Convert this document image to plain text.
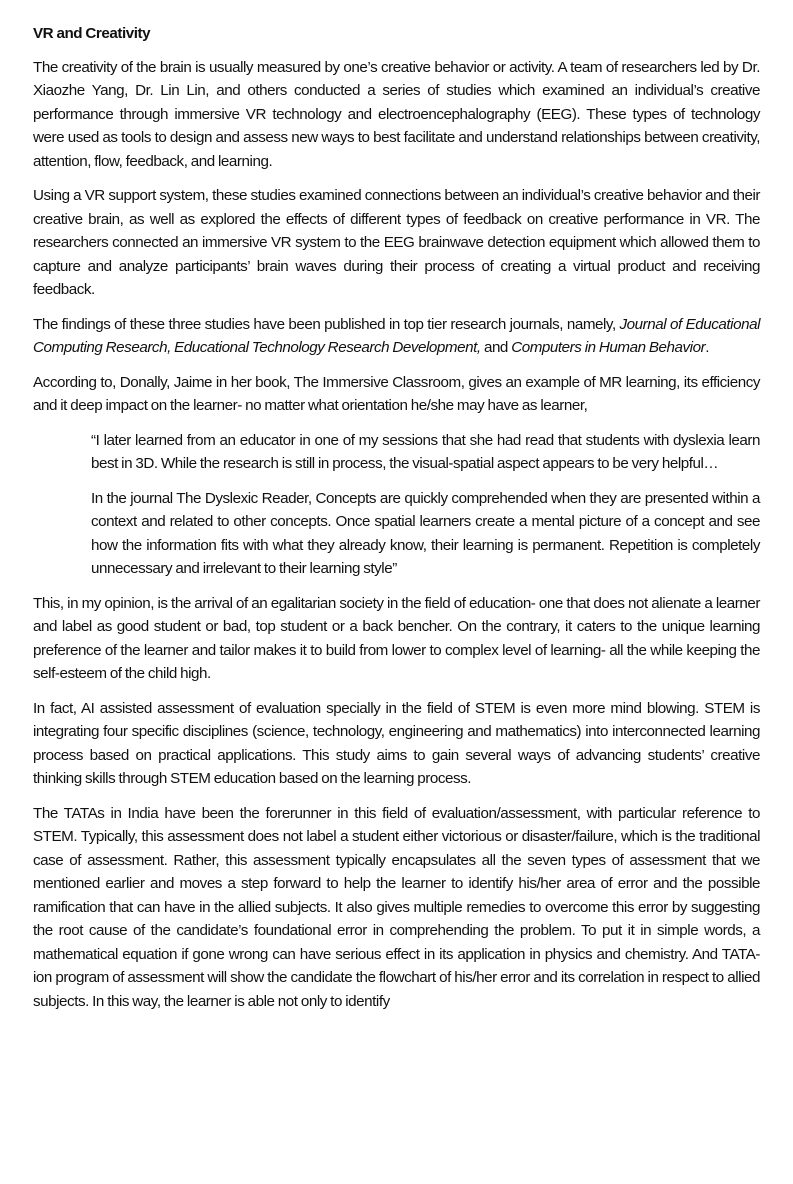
VR and Creativity

The creativity of the brain is usually measured by one’s creative behavior or activity. A team of researchers led by Dr. Xiaozhe Yang, Dr. Lin Lin, and others conducted a series of studies which examined an individual’s creative performance through immersive VR technology and electroencephalography (EEG). These types of technology were used as tools to design and assess new ways to best facilitate and understand relationships between creativity, attention, flow, feedback, and learning.

Using a VR support system, these studies examined connections between an individual’s creative behavior and their creative brain, as well as explored the effects of different types of feedback on creative performance in VR. The researchers connected an immersive VR system to the EEG brainwave detection equipment which allowed them to capture and analyze participants’ brain waves during their process of creating a virtual product and receiving feedback.

The findings of these three studies have been published in top tier research journals, namely, Journal of Educational Computing Research, Educational Technology Research Development, and Computers in Human Behavior.

According to, Donally, Jaime in her book, The Immersive Classroom, gives an example of MR learning, its efficiency and it deep impact on the learner- no matter what orientation he/she may have as learner,

“I later learned from an educator in one of my sessions that she had read that students with dyslexia learn best in 3D. While the research is still in process, the visual-spatial aspect appears to be very helpful…

In the journal The Dyslexic Reader, Concepts are quickly comprehended when they are presented within a context and related to other concepts. Once spatial learners create a mental picture of a concept and see how the information fits with what they already know, their learning is permanent. Repetition is completely unnecessary and irrelevant to their learning style”

This, in my opinion, is the arrival of an egalitarian society in the field of education- one that does not alienate a learner and label as good student or bad, top student or a back bencher. On the contrary, it caters to the unique learning preference of the learner and tailor makes it to build from lower to complex level of learning- all the while keeping the self-esteem of the child high.

In fact, AI assisted assessment of evaluation specially in the field of STEM is even more mind blowing. STEM is integrating four specific disciplines (science, technology, engineering and mathematics) into interconnected learning process based on practical applications. This study aims to gain several ways of advancing students’ creative thinking skills through STEM education based on the learning process.

The TATAs in India have been the forerunner in this field of evaluation/assessment, with particular reference to STEM. Typically, this assessment does not label a student either victorious or disaster/failure, which is the traditional case of assessment. Rather, this assessment typically encapsulates all the seven types of assessment that we mentioned earlier and moves a step forward to help the learner to identify his/her area of error and the possible ramification that can have in the allied subjects. It also gives multiple remedies to overcome this error by suggesting the root cause of the candidate’s foundational error in comprehending the problem. To put it in simple words, a mathematical equation if gone wrong can have serious effect in its application in physics and chemistry. And TATA-ion program of assessment will show the candidate the flowchart of his/her error and its correlation in respect to allied subjects. In this way, the learner is able not only to identify
